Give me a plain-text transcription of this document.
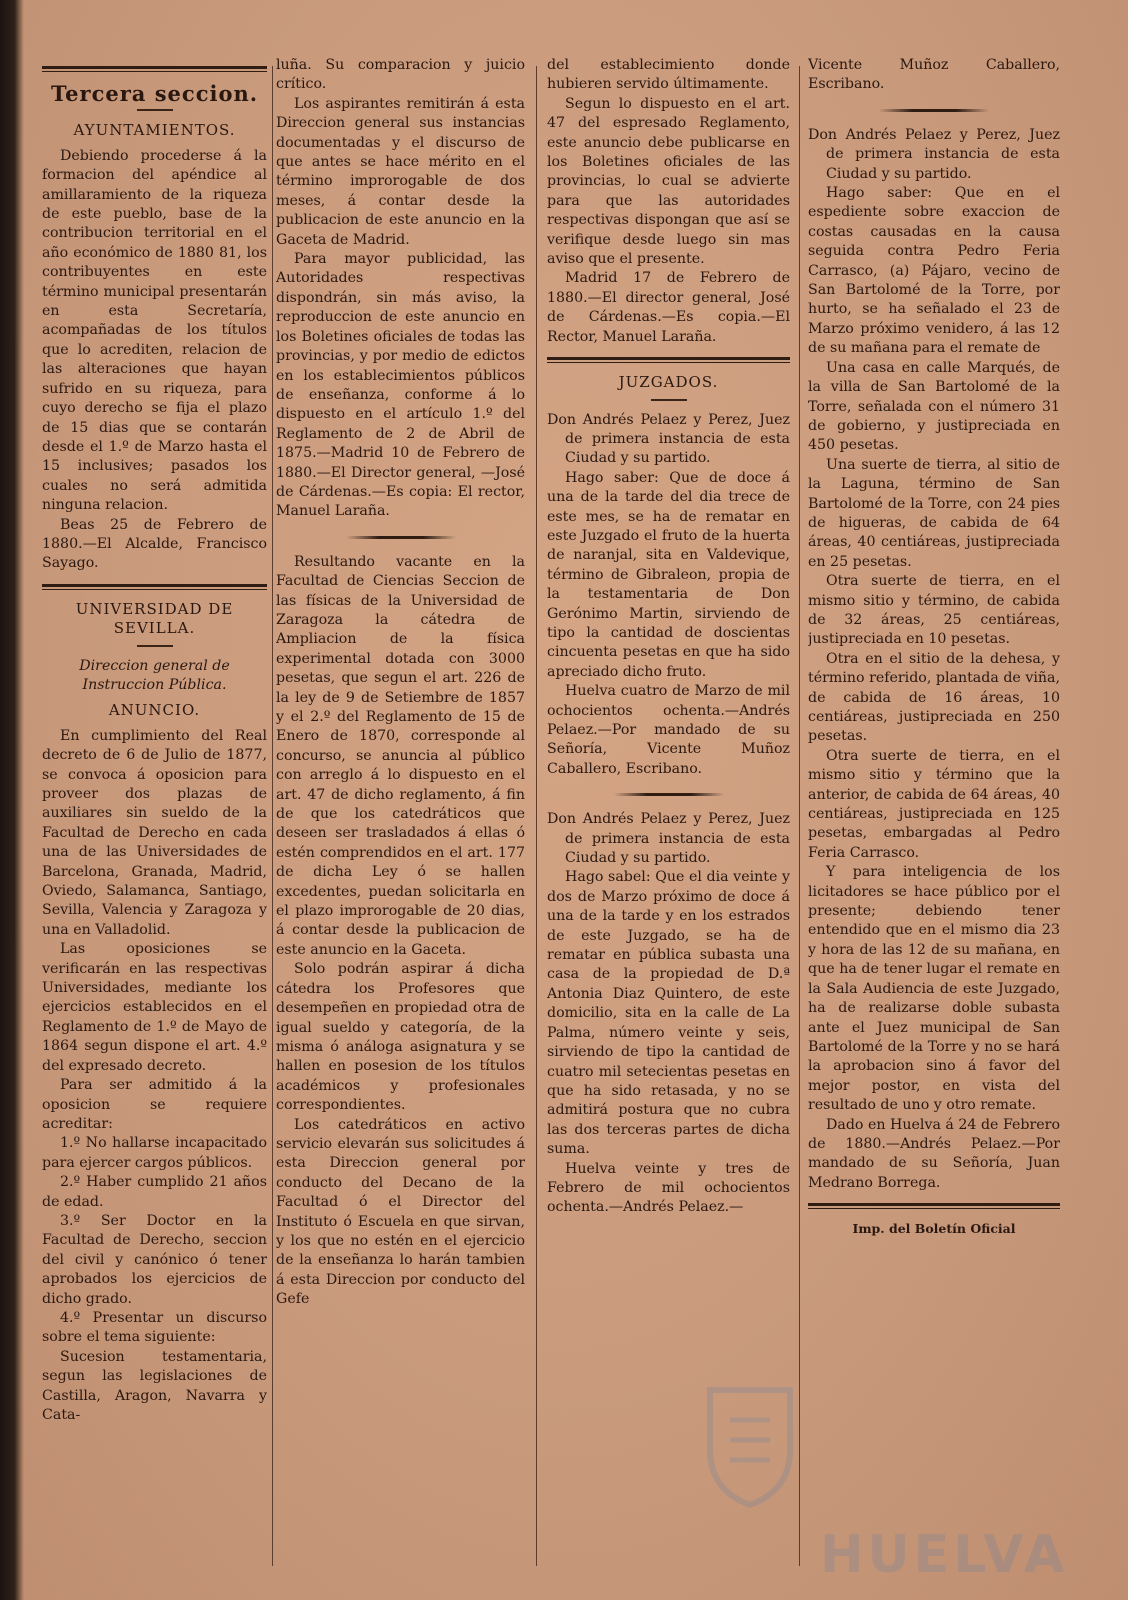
Tercera seccion.
AYUNTAMIENTOS.

Debiendo procederse á la formacion del apéndice al amillaramiento de la riqueza de este pueblo, base de la contribucion territorial en el año económico de 1880 81, los contribuyentes en este término municipal presentarán en esta Secretaría, acompañadas de los títulos que lo acrediten, relacion de las alteraciones que hayan sufrido en su riqueza, para cuyo derecho se fija el plazo de 15 dias que se contarán desde el 1.º de Marzo hasta el 15 inclusives; pasados los cuales no será admitida ninguna relacion.

Beas 25 de Febrero de 1880.—El Alcalde, Francisco Sayago.

UNIVERSIDAD DE SEVILLA.
Direccion general de Instruccion Pública.
ANUNCIO.

En cumplimiento del Real decreto de 6 de Julio de 1877, se convoca á oposicion para proveer dos plazas de auxiliares sin sueldo de la Facultad de Derecho en cada una de las Universidades de Barcelona, Granada, Madrid, Oviedo, Salamanca, Santiago, Sevilla, Valencia y Zaragoza y una en Valladolid.

Las oposiciones se verificarán en las respectivas Universidades, mediante los ejercicios establecidos en el Reglamento de 1.º de Mayo de 1864 segun dispone el art. 4.º del expresado decreto.

Para ser admitido á la oposicion se requiere acreditar:

1.º No hallarse incapacitado para ejercer cargos públicos.

2.º Haber cumplido 21 años de edad.

3.º Ser Doctor en la Facultad de Derecho, seccion del civil y canónico ó tener aprobados los ejercicios de dicho grado.

4.º Presentar un discurso sobre el tema siguiente:

Sucesion testamentaria, segun las legislaciones de Castilla, Aragon, Navarra y Cata-

luña. Su comparacion y juicio crítico.

Los aspirantes remitirán á esta Direccion general sus instancias documentadas y el discurso de que antes se hace mérito en el término improrogable de dos meses, á contar desde la publicacion de este anuncio en la Gaceta de Madrid.

Para mayor publicidad, las Autoridades respectivas dispondrán, sin más aviso, la reproduccion de este anuncio en los Boletines oficiales de todas las provincias, y por medio de edictos en los establecimientos públicos de enseñanza, conforme á lo dispuesto en el artículo 1.º del Reglamento de 2 de Abril de 1875.—Madrid 10 de Febrero de 1880.—El Director general, —José de Cárdenas.—Es copia: El rector, Manuel Laraña.

Resultando vacante en la Facultad de Ciencias Seccion de las físicas de la Universidad de Zaragoza la cátedra de Ampliacion de la física experimental dotada con 3000 pesetas, que segun el art. 226 de la ley de 9 de Setiembre de 1857 y el 2.º del Reglamento de 15 de Enero de 1870, corresponde al concurso, se anuncia al público con arreglo á lo dispuesto en el art. 47 de dicho reglamento, á fin de que los catedráticos que deseen ser trasladados á ellas ó estén comprendidos en el art. 177 de dicha Ley ó se hallen excedentes, puedan solicitarla en el plazo improrogable de 20 dias, á contar desde la publicacion de este anuncio en la Gaceta.

Solo podrán aspirar á dicha cátedra los Profesores que desempeñen en propiedad otra de igual sueldo y categoría, de la misma ó análoga asignatura y se hallen en posesion de los títulos académicos y profesionales correspondientes.

Los catedráticos en activo servicio elevarán sus solicitudes á esta Direccion general por conducto del Decano de la Facultad ó el Director del Instituto ó Escuela en que sirvan, y los que no estén en el ejercicio de la enseñanza lo harán tambien á esta Direccion por conducto del Gefe

del establecimiento donde hubieren servido últimamente.

Segun lo dispuesto en el art. 47 del espresado Reglamento, este anuncio debe publicarse en los Boletines oficiales de las provincias, lo cual se advierte para que las autoridades respectivas dispongan que así se verifique desde luego sin mas aviso que el presente.

Madrid 17 de Febrero de 1880.—El director general, José de Cárdenas.—Es copia.—El Rector, Manuel Laraña.

JUZGADOS.

Don Andrés Pelaez y Perez, Juez de primera instancia de esta Ciudad y su partido.

Hago saber: Que de doce á una de la tarde del dia trece de este mes, se ha de rematar en este Juzgado el fruto de la huerta de naranjal, sita en Valdevique, término de Gibraleon, propia de la testamentaria de Don Gerónimo Martin, sirviendo de tipo la cantidad de doscientas cincuenta pesetas en que ha sido apreciado dicho fruto.

Huelva cuatro de Marzo de mil ochocientos ochenta.—Andrés Pelaez.—Por mandado de su Señoría, Vicente Muñoz Caballero, Escribano.

Don Andrés Pelaez y Perez, Juez de primera instancia de esta Ciudad y su partido.

Hago sabel: Que el dia veinte y dos de Marzo próximo de doce á una de la tarde y en los estrados de este Juzgado, se ha de rematar en pública subasta una casa de la propiedad de D.ª Antonia Diaz Quintero, de este domicilio, sita en la calle de La Palma, número veinte y seis, sirviendo de tipo la cantidad de cuatro mil setecientas pesetas en que ha sido retasada, y no se admitirá postura que no cubra las dos terceras partes de dicha suma.

Huelva veinte y tres de Febrero de mil ochocientos ochenta.—Andrés Pelaez.—

Vicente Muñoz Caballero, Escribano.

Don Andrés Pelaez y Perez, Juez de primera instancia de esta Ciudad y su partido.

Hago saber: Que en el espediente sobre exaccion de costas causadas en la causa seguida contra Pedro Feria Carrasco, (a) Pájaro, vecino de San Bartolomé de la Torre, por hurto, se ha señalado el 23 de Marzo próximo venidero, á las 12 de su mañana para el remate de

Una casa en calle Marqués, de la villa de San Bartolomé de la Torre, señalada con el número 31 de gobierno, y justipreciada en 450 pesetas.

Una suerte de tierra, al sitio de la Laguna, término de San Bartolomé de la Torre, con 24 pies de higueras, de cabida de 64 áreas, 40 centiáreas, justipreciada en 25 pesetas.

Otra suerte de tierra, en el mismo sitio y término, de cabida de 32 áreas, 25 centiáreas, justipreciada en 10 pesetas.

Otra en el sitio de la dehesa, y término referido, plantada de viña, de cabida de 16 áreas, 10 centiáreas, justipreciada en 250 pesetas.

Otra suerte de tierra, en el mismo sitio y término que la anterior, de cabida de 64 áreas, 40 centiáreas, justipreciada en 125 pesetas, embargadas al Pedro Feria Carrasco.

Y para inteligencia de los licitadores se hace público por el presente; debiendo tener entendido que en el mismo dia 23 y hora de las 12 de su mañana, en que ha de tener lugar el remate en la Sala Audiencia de este Juzgado, ha de realizarse doble subasta ante el Juez municipal de San Bartolomé de la Torre y no se hará la aprobacion sino á favor del mejor postor, en vista del resultado de uno y otro remate.

Dado en Huelva á 24 de Febrero de 1880.—Andrés Pelaez.—Por mandado de su Señoría, Juan Medrano Borrega.

Imp. del Boletín Oficial
HUELVA
